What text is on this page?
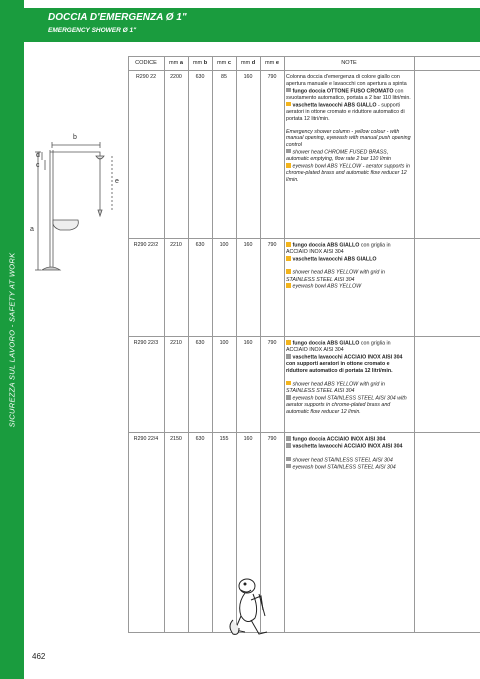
SICUREZZA SUL LAVORO - SAFETY AT WORK
DOCCIA D'EMERGENZA Ø 1"
EMERGENCY SHOWER Ø 1"
b
d
c
e
a
CODICE	mm a	mm b	mm c	mm d	mm e	NOTE
R290 22	2200	630	85	160	790	Colonna doccia d'emergenza di colore giallo con apertura manuale e lavaocchi con apertura a spinta

fungo doccia OTTONE FUSO CROMATO con svuotamento automatico, portata a 2 bar 110 litri/min.

vaschetta lavaocchi ABS GIALLO - supporti aeratori in ottone cromato e riduttore automatico di portata 12 litri/min.

Emergency shower column - yellow colour - with manual opening, eyewash with manual push opening control

shower head CHROME FUSED BRASS, automatic emptying, flow rate 2 bar 110 l/min

eyewash bowl ABS YELLOW - aerator supports in chrome-plated brass and automatic flow reducer 12 l/min.

R290 22/2	2210	630	100	160	790	fungo doccia ABS GIALLO con griglia in ACCIAIO INOX AISI 304

vaschetta lavaocchi ABS GIALLO

shower head ABS YELLOW with grid in STAINLESS STEEL AISI 304

eyewash bowl ABS YELLOW

R290 22/3	2210	630	100	160	790	fungo doccia ABS GIALLO con griglia in ACCIAIO INOX AISI 304

vaschetta lavaocchi ACCIAIO INOX AISI 304 con supporti aeratori in ottone cromato e riduttore automatico di portata 12 litri/min.

shower head ABS YELLOW with grid in STAINLESS STEEL AISI 304

eyewash bowl STAINLESS STEEL AISI 304 with aerator supports in chrome-plated brass and automatic flow reducer 12 l/min.

R290 22/4	2150	630	155	160	790	fungo doccia ACCIAIO INOX AISI 304

vaschetta lavaocchi ACCIAIO INOX AISI 304

shower head STAINLESS STEEL AISI 304

eyewash bowl STAINLESS STEEL AISI 304

462
